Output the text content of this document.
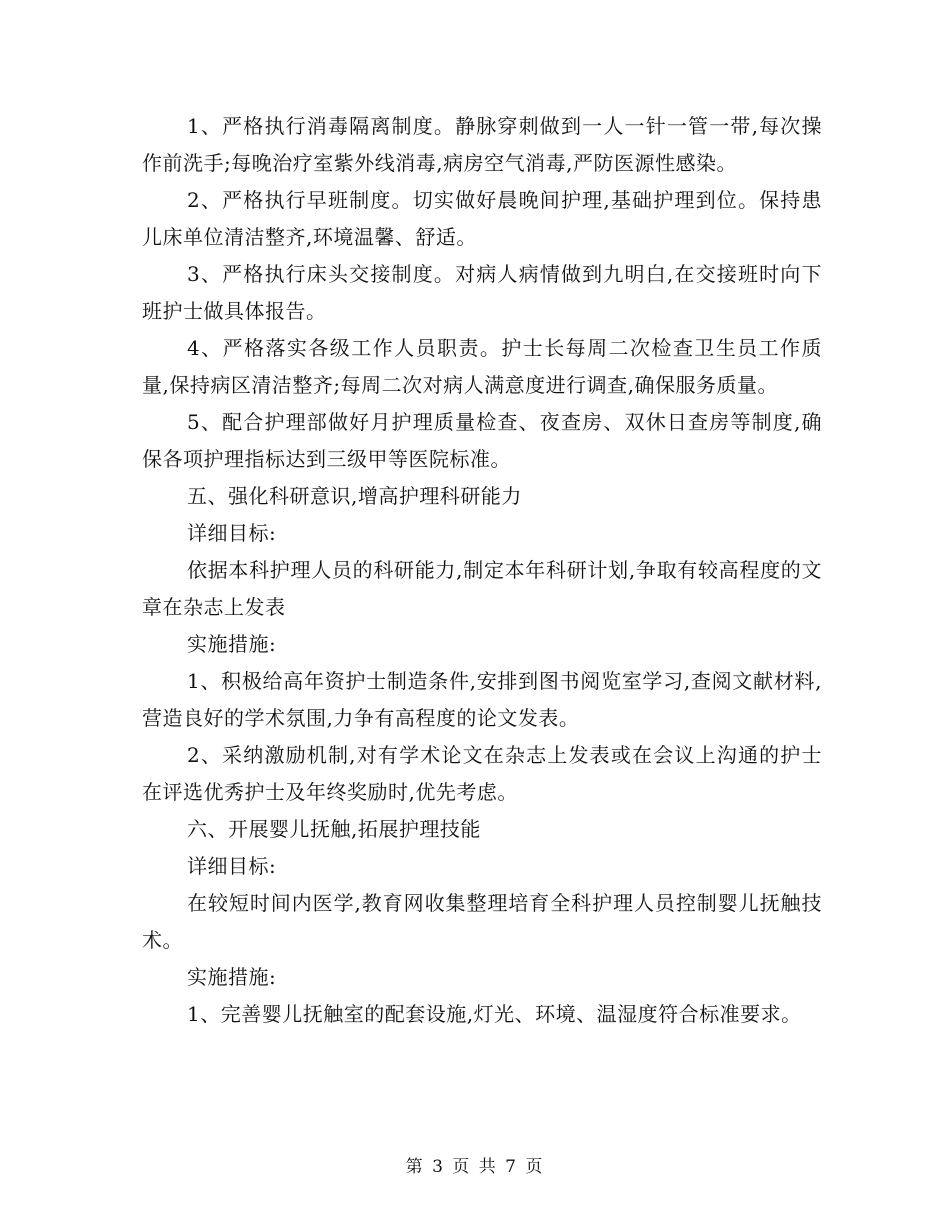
1、严格执行消毒隔离制度。静脉穿刺做到一人一针一管一带,每次操作前洗手;每晚治疗室紫外线消毒,病房空气消毒,严防医源性感染。

2、严格执行早班制度。切实做好晨晚间护理,基础护理到位。保持患儿床单位清洁整齐,环境温馨、舒适。

3、严格执行床头交接制度。对病人病情做到九明白,在交接班时向下班护士做具体报告。

4、严格落实各级工作人员职责。护士长每周二次检查卫生员工作质量,保持病区清洁整齐;每周二次对病人满意度进行调查,确保服务质量。

5、配合护理部做好月护理质量检查、夜查房、双休日查房等制度,确保各项护理指标达到三级甲等医院标准。

五、强化科研意识,增高护理科研能力

详细目标:

依据本科护理人员的科研能力,制定本年科研计划,争取有较高程度的文章在杂志上发表

实施措施:

1、积极给高年资护士制造条件,安排到图书阅览室学习,查阅文献材料,营造良好的学术氛围,力争有高程度的论文发表。

2、采纳激励机制,对有学术论文在杂志上发表或在会议上沟通的护士在评选优秀护士及年终奖励时,优先考虑。

六、开展婴儿抚触,拓展护理技能

详细目标:

在较短时间内医学,教育网收集整理培育全科护理人员控制婴儿抚触技术。

实施措施:

1、完善婴儿抚触室的配套设施,灯光、环境、温湿度符合标准要求。

第 3 页 共 7 页
